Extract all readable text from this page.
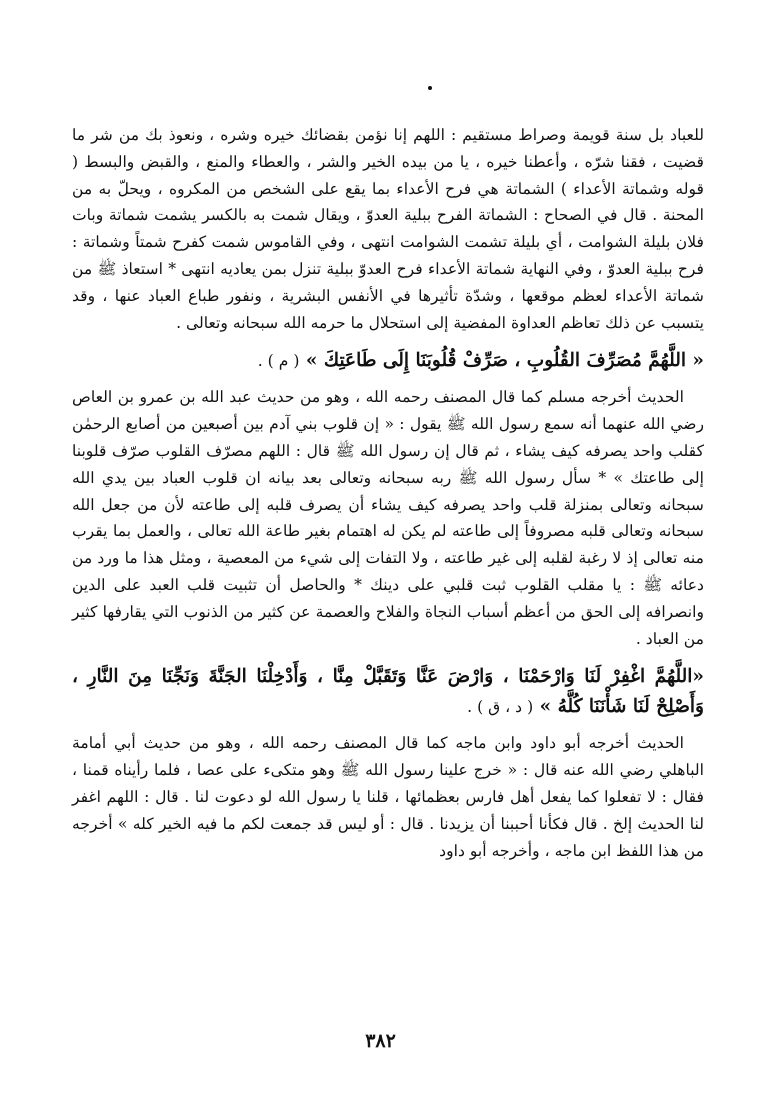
للعباد بل سنة قويمة وصراط مستقيم : اللهم إنا نؤمن بقضائك خيره وشره ، ونعوذ بك من شر ما قضيت ، فقنا شرّه ، وأعطنا خيره ، يا من بيده الخير والشر ، والعطاء والمنع ، والقبض والبسط ( قوله وشماتة الأعداء ) الشماتة هي فرح الأعداء بما يقع على الشخص من المكروه ، ويحلّ به من المحنة . قال في الصحاح : الشماتة الفرح ببلية العدوّ ، ويقال شمت به بالكسر يشمت شماتة وبات فلان بليلة الشوامت ، أي بليلة تشمت الشوامت انتهى ، وفي القاموس شمت كفرح شمتاً وشماتة : فرح ببلية العدوّ ، وفي النهاية شماتة الأعداء فرح العدوّ ببلية تنزل بمن يعاديه انتهى * استعاذ ﷺ من شماتة الأعداء لعظم موقعها ، وشدّة تأثيرها في الأنفس البشرية ، ونفور طباع العباد عنها ، وقد يتسبب عن ذلك تعاظم العداوة المفضية إلى استحلال ما حرمه الله سبحانه وتعالى .

« اللَّهُمَّ مُصَرِّفَ القُلُوبِ ، صَرِّفْ قُلُوبَنَا إِلَى طَاعَتِكَ » ( م ) .

الحديث أخرجه مسلم كما قال المصنف رحمه الله ، وهو من حديث عبد الله بن عمرو بن العاص رضي الله عنهما أنه سمع رسول الله ﷺ يقول : « إن قلوب بني آدم بين أصبعين من أصابع الرحمٰن كقلب واحد يصرفه كيف يشاء ، ثم قال إن رسول الله ﷺ قال : اللهم مصرّف القلوب صرّف قلوبنا إلى طاعتك » * سأل رسول الله ﷺ ربه سبحانه وتعالى بعد بيانه ان قلوب العباد بين يدي الله سبحانه وتعالى بمنزلة قلب واحد يصرفه كيف يشاء أن يصرف قلبه إلى طاعته لأن من جعل الله سبحانه وتعالى قلبه مصروفاً إلى طاعته لم يكن له اهتمام بغير طاعة الله تعالى ، والعمل بما يقرب منه تعالى إذ لا رغبة لقلبه إلى غير طاعته ، ولا التفات إلى شيء من المعصية ، ومثل هذا ما ورد من دعائه ﷺ : يا مقلب القلوب ثبت قلبي على دينك * والحاصل أن تثبيت قلب العبد على الدين وانصرافه إلى الحق من أعظم أسباب النجاة والفلاح والعصمة عن كثير من الذنوب التي يقارفها كثير من العباد .

«اللَّهُمَّ اغْفِرْ لَنَا وَارْحَمْنَا ، وَارْضَ عَنَّا وَتَقَبَّلْ مِنَّا ، وَأَدْخِلْنَا الجَنَّةَ وَنَجِّنَا مِنَ النَّارِ ، وَأَصْلِحْ لَنَا شَأْنَنَا كُلَّهُ » ( د ، ق ) .

الحديث أخرجه أبو داود وابن ماجه كما قال المصنف رحمه الله ، وهو من حديث أبي أمامة الباهلي رضي الله عنه قال : « خرج علينا رسول الله ﷺ وهو متكىء على عصا ، فلما رأيناه قمنا ، فقال : لا تفعلوا كما يفعل أهل فارس بعظمائها ، قلنا يا رسول الله لو دعوت لنا . قال : اللهم اغفر لنا الحديث إلخ . قال فكأنا أحببنا أن يزيدنا . قال : أو ليس قد جمعت لكم ما فيه الخير كله » أخرجه من هذا اللفظ ابن ماجه ، وأخرجه أبو داود

٣٨٢
